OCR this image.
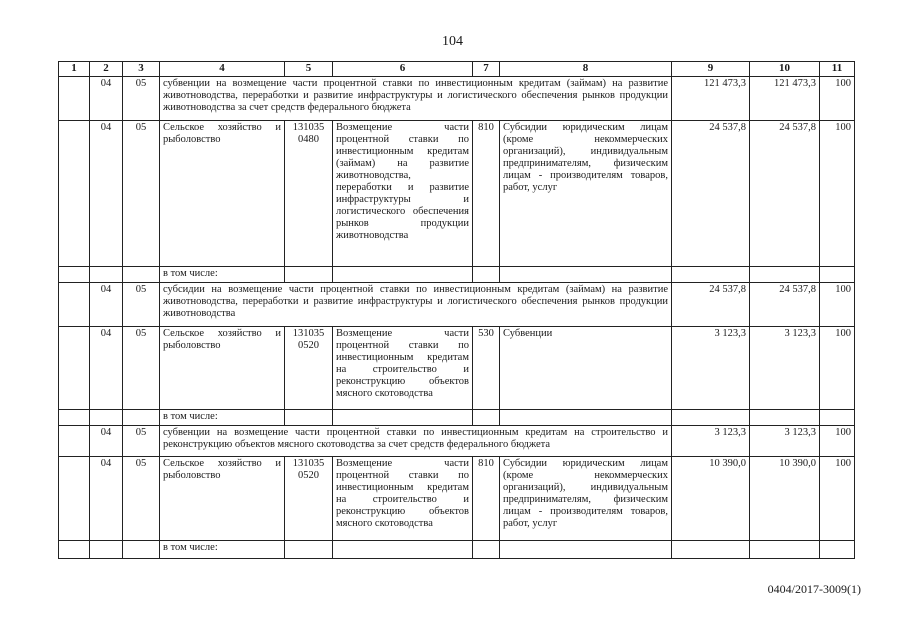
104
1	2	3	4	5	6	7	8	9	10	11
	04	05	субвенции на возмещение части процентной ставки по инвестиционным кредитам (займам) на развитие животноводства, переработки и развитие инфраструктуры и логистического обеспечения рынков продукции животноводства за счет средств федерального бюджета					121 473,3	121 473,3	100
	04	05	Сельское хозяйство и рыболовство	131035 0480	Возмещение части процентной ставки по инвестиционным кредитам (займам) на развитие животноводства, переработки и развитие инфраструктуры и логистического обеспечения рынков продукции животноводства	810	Субсидии юридическим лицам (кроме некоммерческих организаций), индивидуальным предпринимателям, физическим лицам - производителям товаров, работ, услуг	24 537,8	24 537,8	100
			в том числе:							
	04	05	субсидии на возмещение части процентной ставки по инвестиционным кредитам (займам) на развитие животноводства, переработки и развитие инфраструктуры и логистического обеспечения рынков продукции животноводства					24 537,8	24 537,8	100
	04	05	Сельское хозяйство и рыболовство	131035 0520	Возмещение части процентной ставки по инвестиционным кредитам на строительство и реконструкцию объектов мясного скотоводства	530	Субвенции	3 123,3	3 123,3	100
			в том числе:							
	04	05	субвенции на возмещение части процентной ставки по инвестиционным кредитам на строительство и реконструкцию объектов мясного скотоводства за счет средств федерального бюджета					3 123,3	3 123,3	100
	04	05	Сельское хозяйство и рыболовство	131035 0520	Возмещение части процентной ставки по инвестиционным кредитам на строительство и реконструкцию объектов мясного скотоводства	810	Субсидии юридическим лицам (кроме некоммерческих организаций), индивидуальным предпринимателям, физическим лицам - производителям товаров, работ, услуг	10 390,0	10 390,0	100
			в том числе:							
0404/2017-3009(1)
